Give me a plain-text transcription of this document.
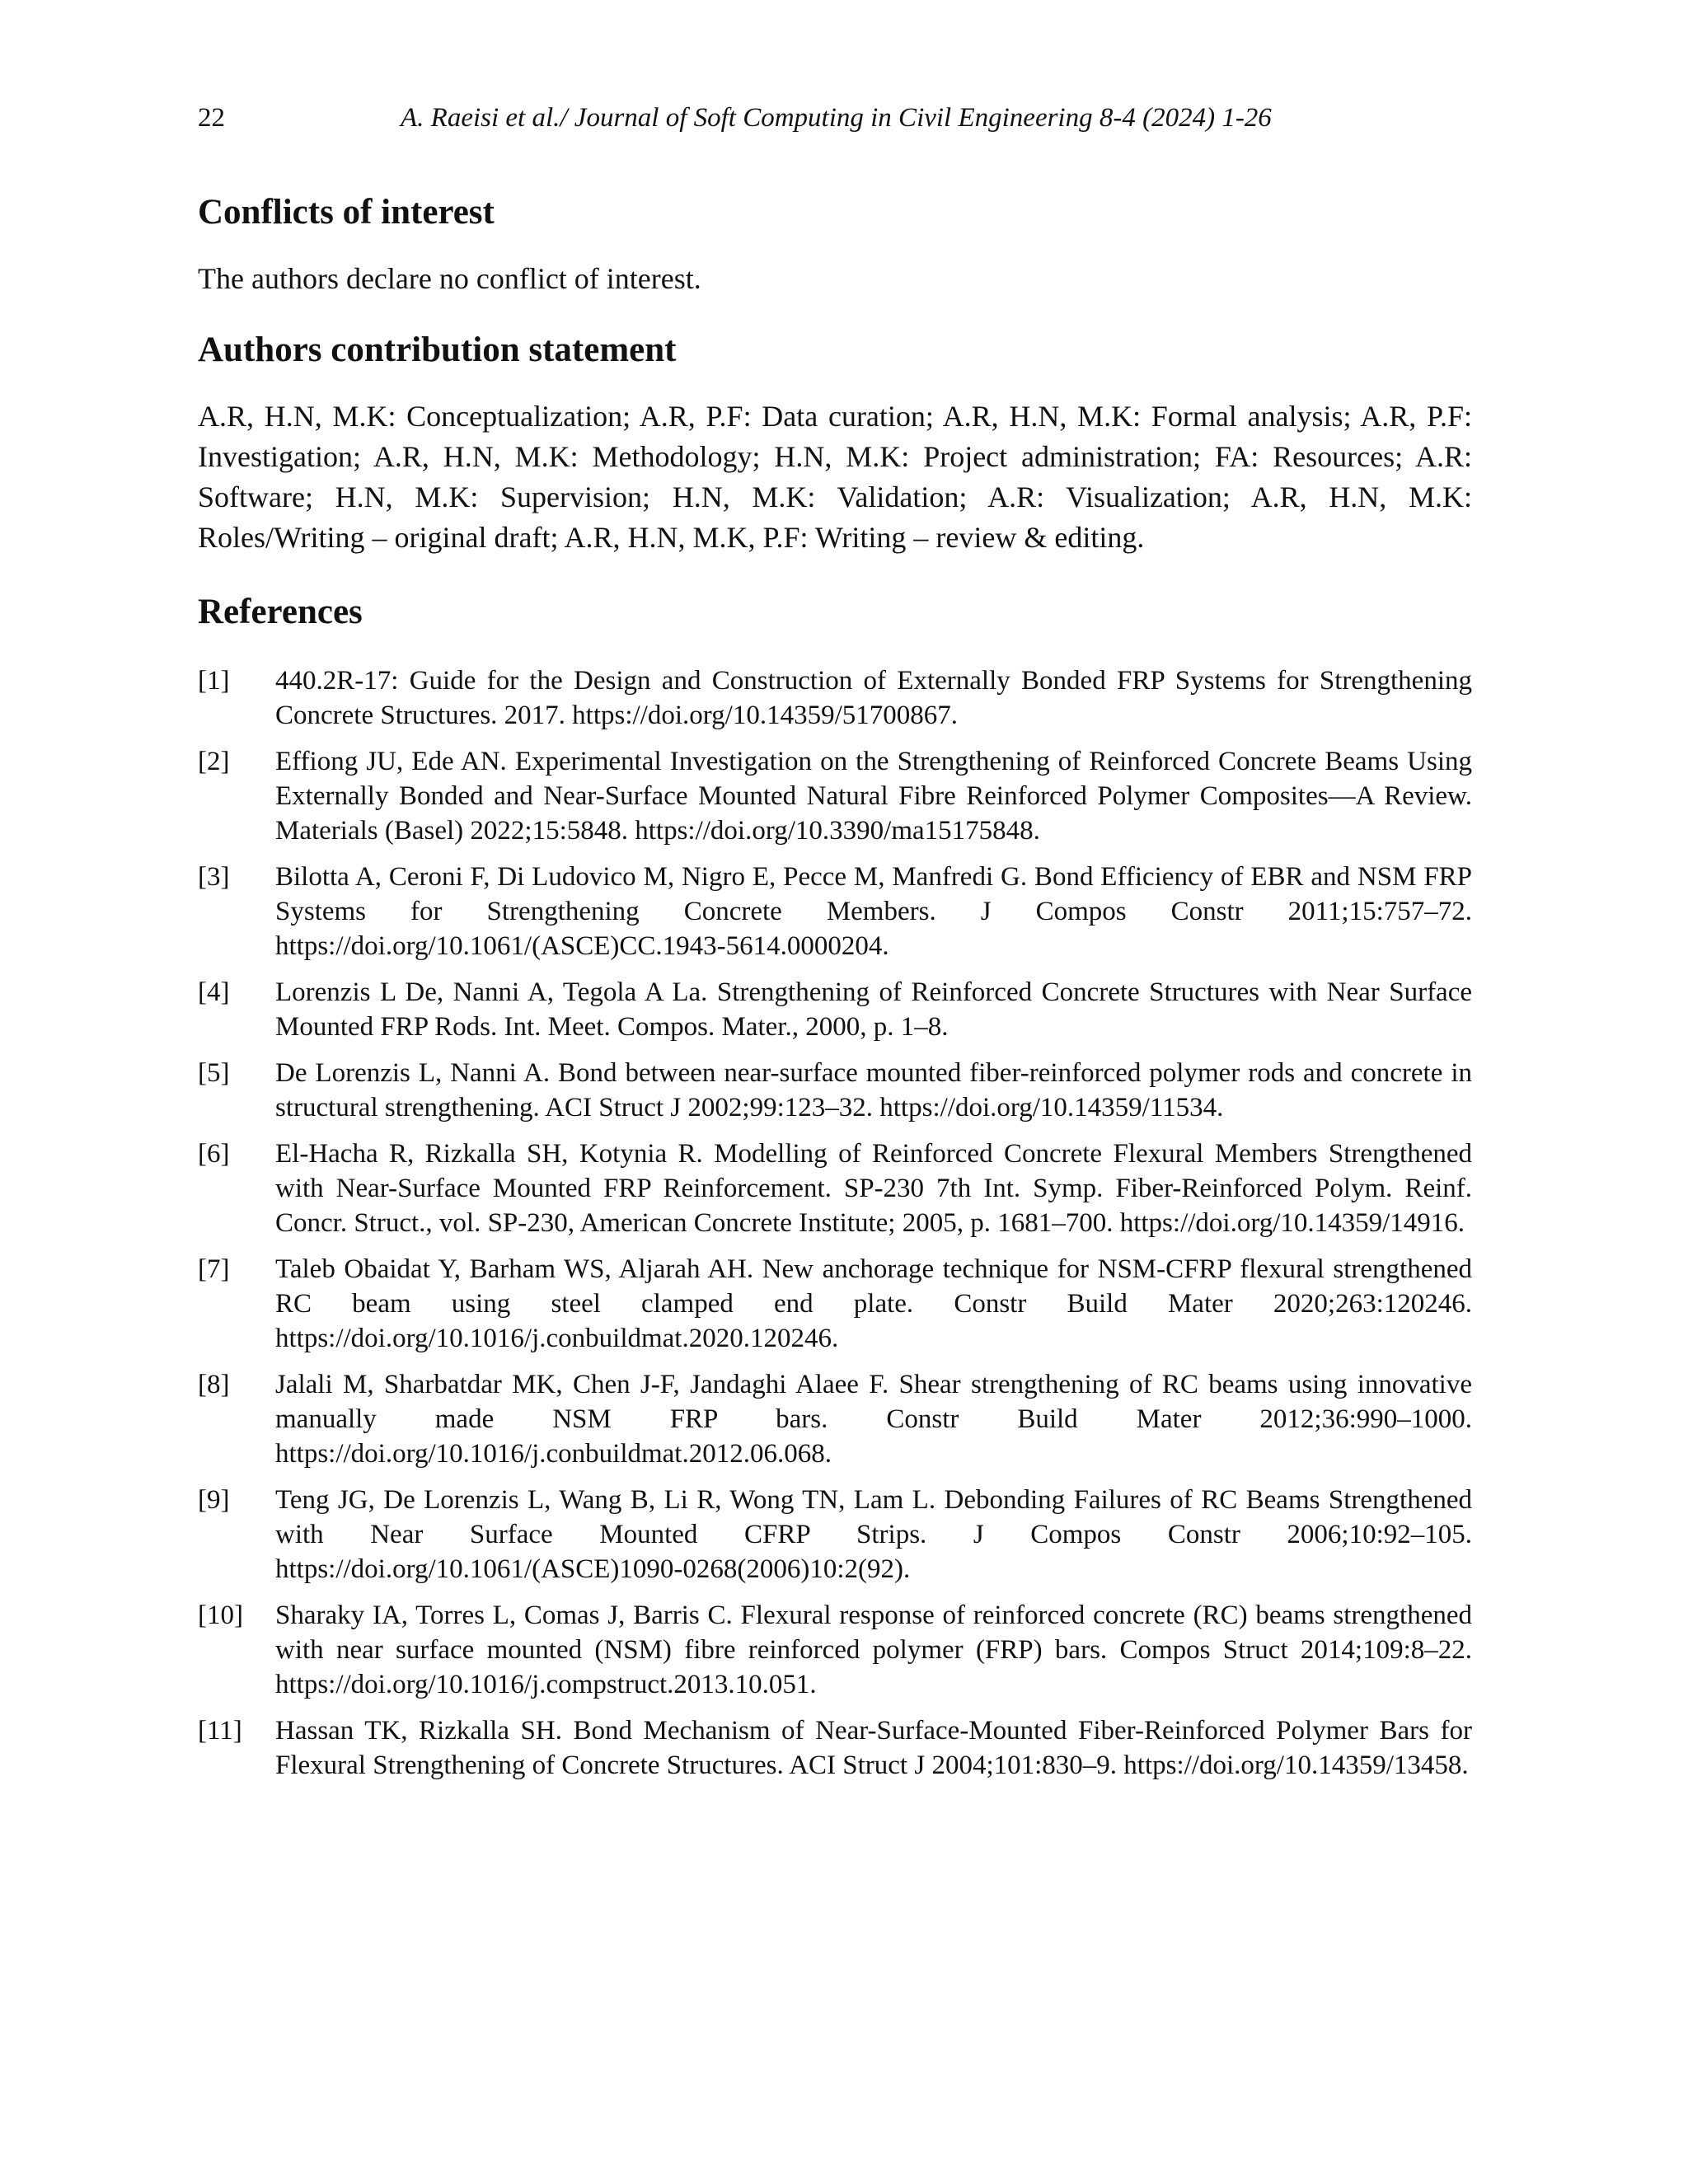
22	A. Raeisi et al./ Journal of Soft Computing in Civil Engineering 8-4 (2024) 1-26
Conflicts of interest

The authors declare no conflict of interest.

Authors contribution statement

A.R, H.N, M.K: Conceptualization; A.R, P.F: Data curation; A.R, H.N, M.K: Formal analysis; A.R, P.F: Investigation; A.R, H.N, M.K: Methodology; H.N, M.K: Project administration; FA: Resources; A.R: Software; H.N, M.K: Supervision; H.N, M.K: Validation; A.R: Visualization; A.R, H.N, M.K: Roles/Writing – original draft; A.R, H.N, M.K, P.F: Writing – review & editing.

References
[1] 440.2R-17: Guide for the Design and Construction of Externally Bonded FRP Systems for Strengthening Concrete Structures. 2017. https://doi.org/10.14359/51700867.
[2] Effiong JU, Ede AN. Experimental Investigation on the Strengthening of Reinforced Concrete Beams Using Externally Bonded and Near-Surface Mounted Natural Fibre Reinforced Polymer Composites—A Review. Materials (Basel) 2022;15:5848. https://doi.org/10.3390/ma15175848.
[3] Bilotta A, Ceroni F, Di Ludovico M, Nigro E, Pecce M, Manfredi G. Bond Efficiency of EBR and NSM FRP Systems for Strengthening Concrete Members. J Compos Constr 2011;15:757–72. https://doi.org/10.1061/(ASCE)CC.1943-5614.0000204.
[4] Lorenzis L De, Nanni A, Tegola A La. Strengthening of Reinforced Concrete Structures with Near Surface Mounted FRP Rods. Int. Meet. Compos. Mater., 2000, p. 1–8.
[5] De Lorenzis L, Nanni A. Bond between near-surface mounted fiber-reinforced polymer rods and concrete in structural strengthening. ACI Struct J 2002;99:123–32. https://doi.org/10.14359/11534.
[6] El-Hacha R, Rizkalla SH, Kotynia R. Modelling of Reinforced Concrete Flexural Members Strengthened with Near-Surface Mounted FRP Reinforcement. SP-230 7th Int. Symp. Fiber-Reinforced Polym. Reinf. Concr. Struct., vol. SP-230, American Concrete Institute; 2005, p. 1681–700. https://doi.org/10.14359/14916.
[7] Taleb Obaidat Y, Barham WS, Aljarah AH. New anchorage technique for NSM-CFRP flexural strengthened RC beam using steel clamped end plate. Constr Build Mater 2020;263:120246. https://doi.org/10.1016/j.conbuildmat.2020.120246.
[8] Jalali M, Sharbatdar MK, Chen J-F, Jandaghi Alaee F. Shear strengthening of RC beams using innovative manually made NSM FRP bars. Constr Build Mater 2012;36:990–1000. https://doi.org/10.1016/j.conbuildmat.2012.06.068.
[9] Teng JG, De Lorenzis L, Wang B, Li R, Wong TN, Lam L. Debonding Failures of RC Beams Strengthened with Near Surface Mounted CFRP Strips. J Compos Constr 2006;10:92–105. https://doi.org/10.1061/(ASCE)1090-0268(2006)10:2(92).
[10] Sharaky IA, Torres L, Comas J, Barris C. Flexural response of reinforced concrete (RC) beams strengthened with near surface mounted (NSM) fibre reinforced polymer (FRP) bars. Compos Struct 2014;109:8–22. https://doi.org/10.1016/j.compstruct.2013.10.051.
[11] Hassan TK, Rizkalla SH. Bond Mechanism of Near-Surface-Mounted Fiber-Reinforced Polymer Bars for Flexural Strengthening of Concrete Structures. ACI Struct J 2004;101:830–9. https://doi.org/10.14359/13458.
